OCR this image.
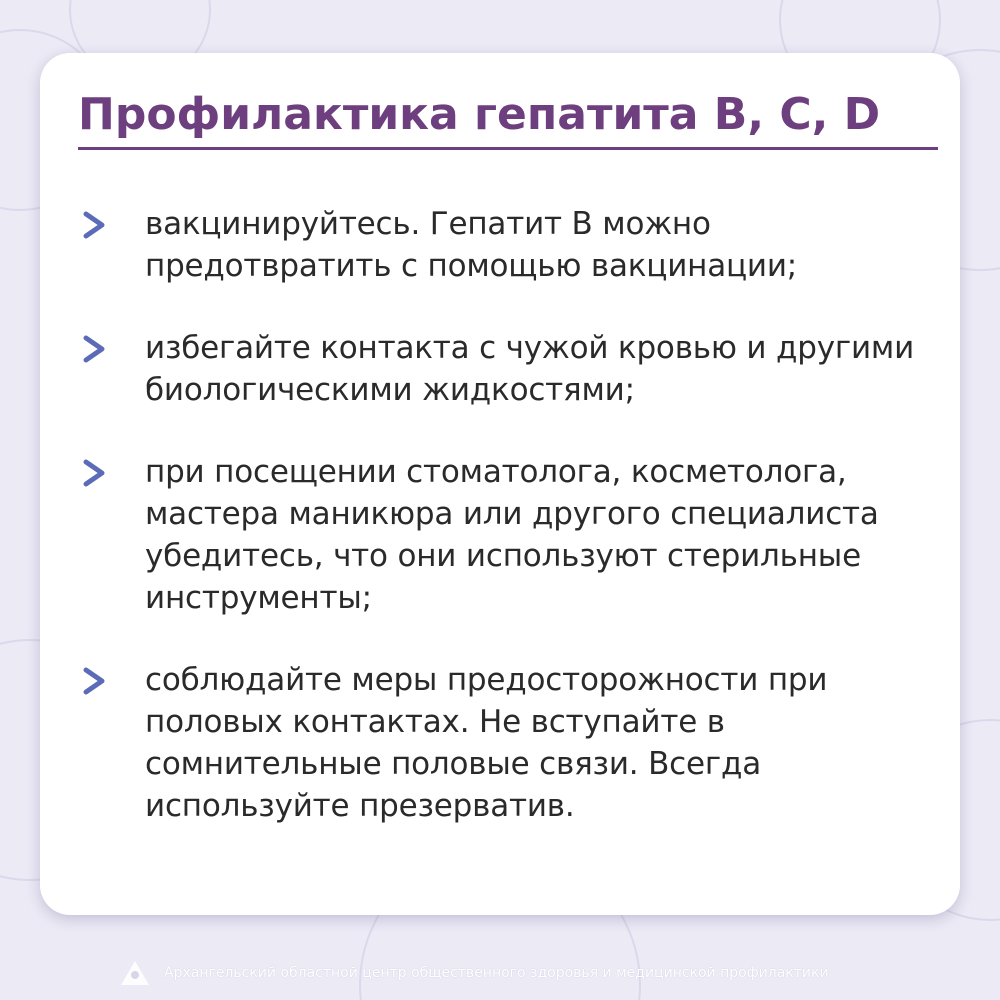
Профилактика гепатита B, C, D
вакцинируйтесь. Гепатит В можно предотвратить с помощью вакцинации;
избегайте контакта с чужой кровью и другими биологическими жидкостями;
при посещении стоматолога, косметолога, мастера маникюра или другого специалиста убедитесь, что они используют стерильные инструменты;
соблюдайте меры предосторожности при половых контактах. Не вступайте в сомнительные половые связи. Всегда используйте презерватив.
Архангельский областной центр общественного здоровья и медицинской профилактики
